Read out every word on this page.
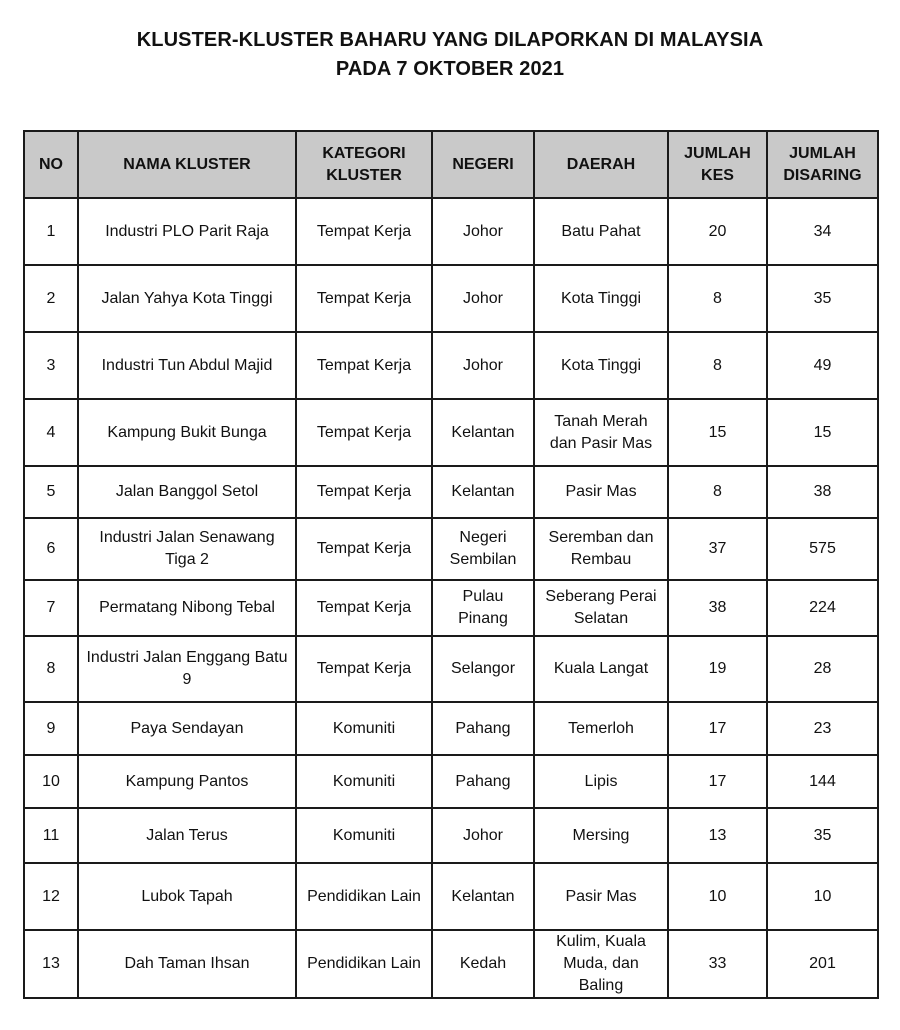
KLUSTER-KLUSTER BAHARU YANG DILAPORKAN DI MALAYSIA
PADA 7 OKTOBER 2021
NO	NAMA KLUSTER	KATEGORI KLUSTER	NEGERI	DAERAH	JUMLAH KES	JUMLAH DISARING
1	Industri PLO Parit Raja	Tempat Kerja	Johor	Batu Pahat	20	34
2	Jalan Yahya Kota Tinggi	Tempat Kerja	Johor	Kota Tinggi	8	35
3	Industri Tun Abdul Majid	Tempat Kerja	Johor	Kota Tinggi	8	49
4	Kampung Bukit Bunga	Tempat Kerja	Kelantan	Tanah Merah dan Pasir Mas	15	15
5	Jalan Banggol Setol	Tempat Kerja	Kelantan	Pasir Mas	8	38
6	Industri Jalan Senawang Tiga 2	Tempat Kerja	Negeri Sembilan	Seremban dan Rembau	37	575
7	Permatang Nibong Tebal	Tempat Kerja	Pulau Pinang	Seberang Perai Selatan	38	224
8	Industri Jalan Enggang Batu 9	Tempat Kerja	Selangor	Kuala Langat	19	28
9	Paya Sendayan	Komuniti	Pahang	Temerloh	17	23
10	Kampung Pantos	Komuniti	Pahang	Lipis	17	144
11	Jalan Terus	Komuniti	Johor	Mersing	13	35
12	Lubok Tapah	Pendidikan Lain	Kelantan	Pasir Mas	10	10
13	Dah Taman Ihsan	Pendidikan Lain	Kedah	Kulim, Kuala Muda, dan Baling	33	201
